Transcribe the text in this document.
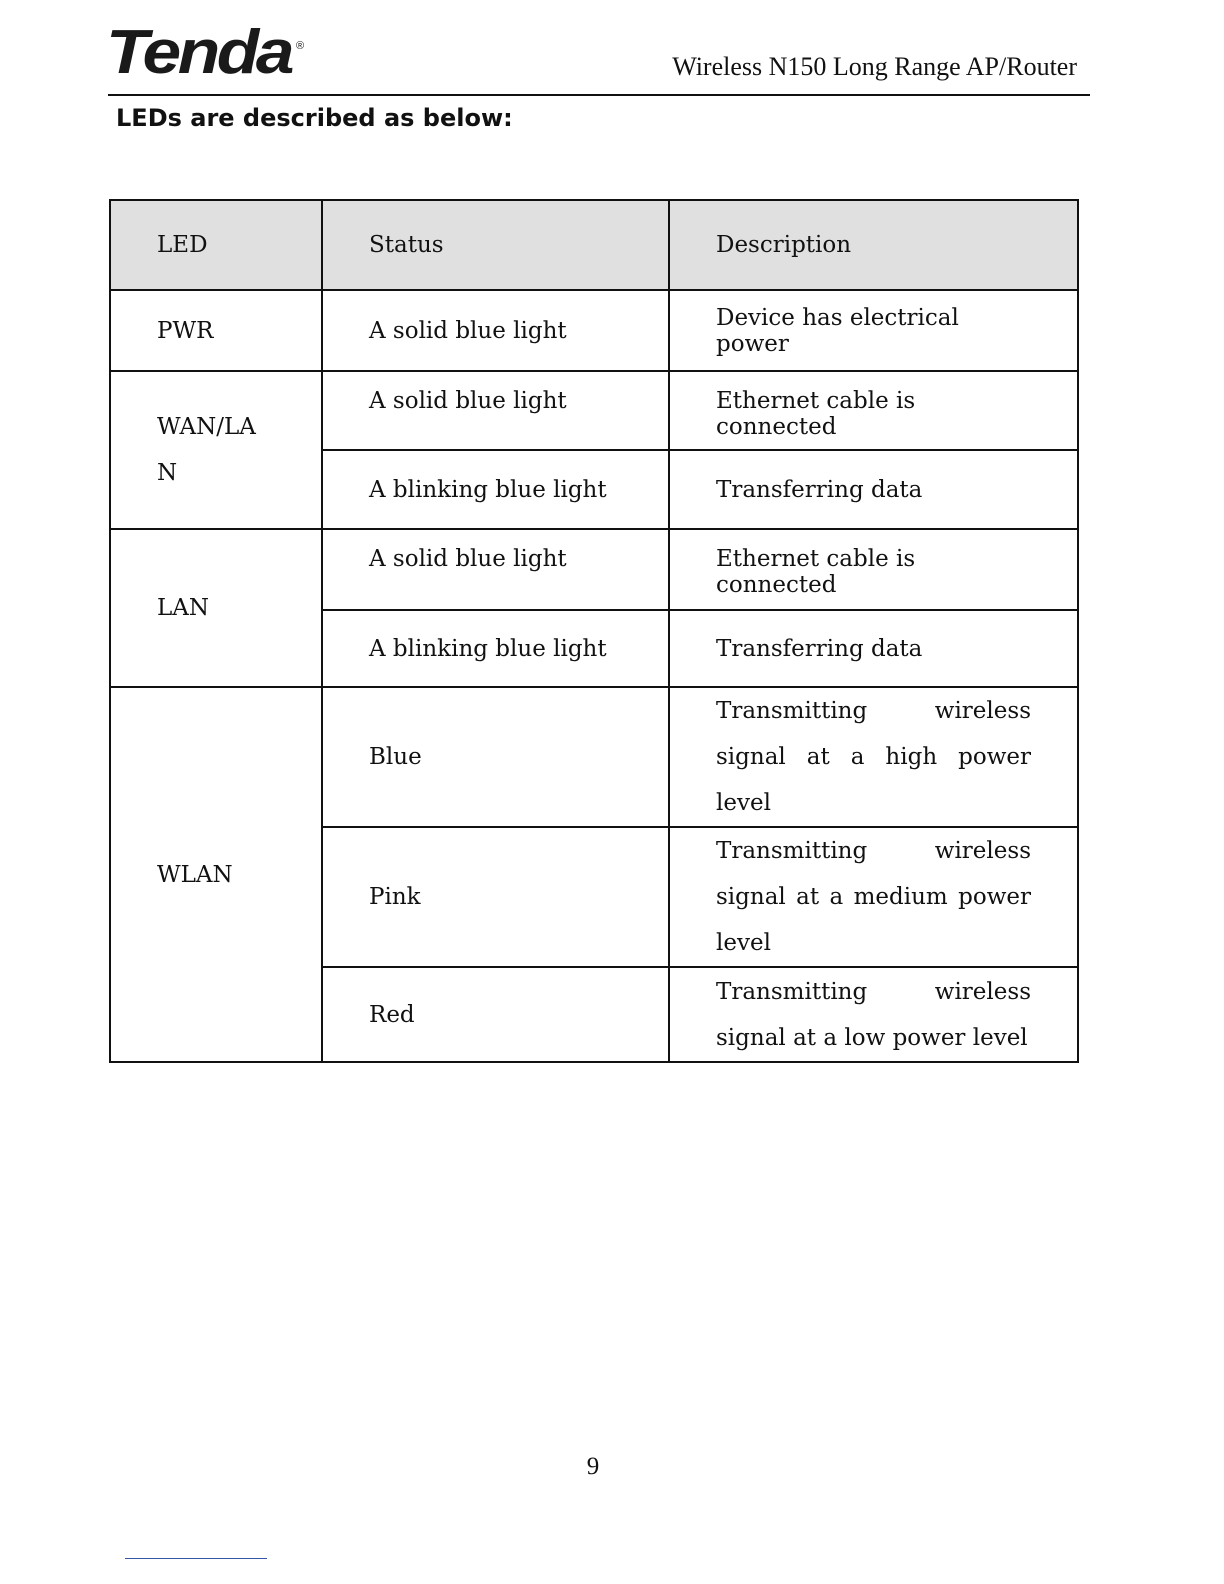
Tenda ®
Wireless N150 Long Range AP/Router
LEDs are described as below:
LED	Status	Description
PWR	A solid blue light	Device has electrical power

WAN/LAN	A solid blue light	Ethernet cable is connected
	A blinking blue light	Transferring data
LAN	A solid blue light	Ethernet cable is connected
	A blinking blue light	Transferring data
WLAN	Blue	Transmitting wireless signal at a high power level

	Pink	Transmitting wireless signal at a medium power level

	Red	Transmitting wireless signal at a low power level
9
